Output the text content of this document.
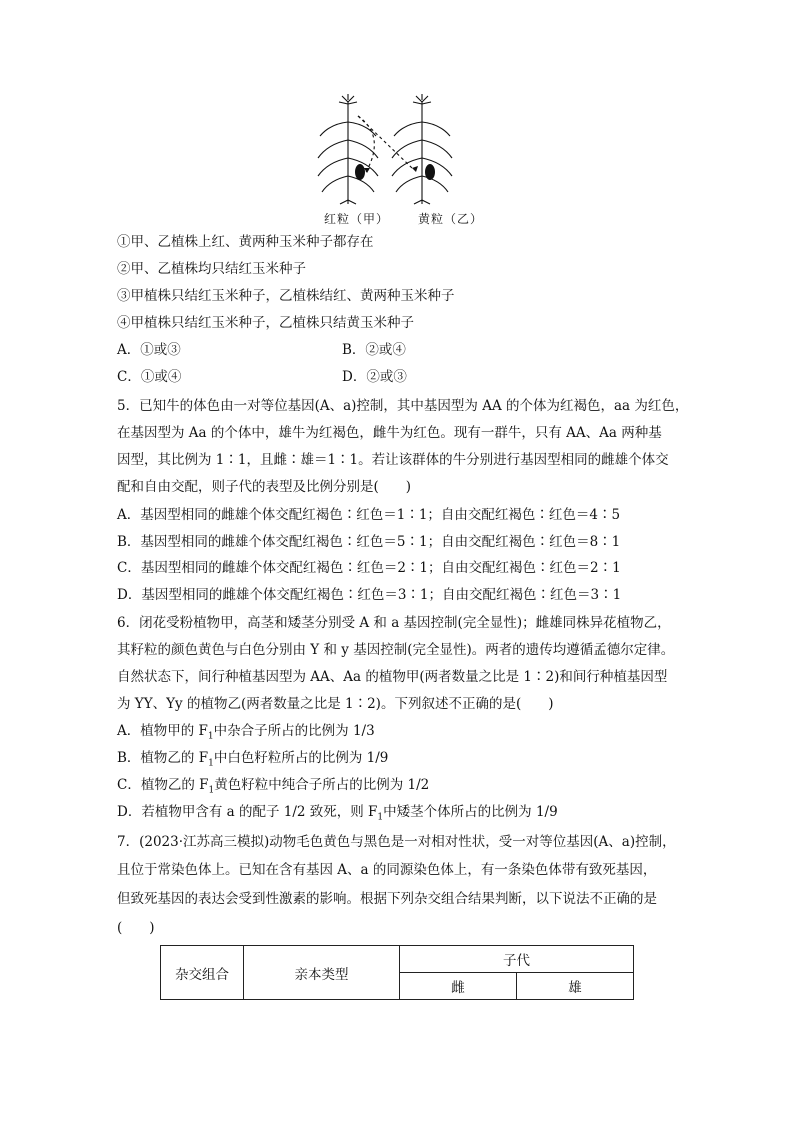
红粒（甲） 黄粒（乙）
①甲、乙植株上红、黄两种玉米种子都存在
②甲、乙植株均只结红玉米种子
③甲植株只结红玉米种子，乙植株结红、黄两种玉米种子
④甲植株只结红玉米种子，乙植株只结黄玉米种子
A．①或③	B．②或④
C．①或④	D．②或③
5．已知牛的体色由一对等位基因(A、a)控制，其中基因型为 AA 的个体为红褐色，aa 为红色，
在基因型为 Aa 的个体中，雄牛为红褐色，雌牛为红色。现有一群牛，只有 AA、Aa 两种基
因型，其比例为 1∶1，且雌∶雄＝1∶1。若让该群体的牛分别进行基因型相同的雌雄个体交
配和自由交配，则子代的表型及比例分别是(　　)
A．基因型相同的雌雄个体交配红褐色∶红色＝1∶1；自由交配红褐色∶红色＝4∶5
B．基因型相同的雌雄个体交配红褐色∶红色＝5∶1；自由交配红褐色∶红色＝8∶1
C．基因型相同的雌雄个体交配红褐色∶红色＝2∶1；自由交配红褐色∶红色＝2∶1
D．基因型相同的雌雄个体交配红褐色∶红色＝3∶1；自由交配红褐色∶红色＝3∶1
6．闭花受粉植物甲，高茎和矮茎分别受 A 和 a 基因控制(完全显性)；雌雄同株异花植物乙，
其籽粒的颜色黄色与白色分别由 Y 和 y 基因控制(完全显性)。两者的遗传均遵循孟德尔定律。
自然状态下，间行种植基因型为 AA、Aa 的植物甲(两者数量之比是 1∶2)和间行种植基因型
为 YY、Yy 的植物乙(两者数量之比是 1∶2)。下列叙述不正确的是(　　)
A．植物甲的 $F_1$中杂合子所占的比例为 1/3
B．植物乙的 $F_1$中白色籽粒所占的比例为 1/9
C．植物乙的 $F_1$黄色籽粒中纯合子所占的比例为 1/2
D．若植物甲含有 a 的配子 1/2 致死，则 $F_1$中矮茎个体所占的比例为 1/9
7．(2023·江苏高三模拟)动物毛色黄色与黑色是一对相对性状，受一对等位基因(A、a)控制，
且位于常染色体上。已知在含有基因 A、a 的同源染色体上，有一条染色体带有致死基因，
但致死基因的表达会受到性激素的影响。根据下列杂交组合结果判断，以下说法不正确的是
(　　)
杂交组合	亲本类型	子代	
		雌	雄
